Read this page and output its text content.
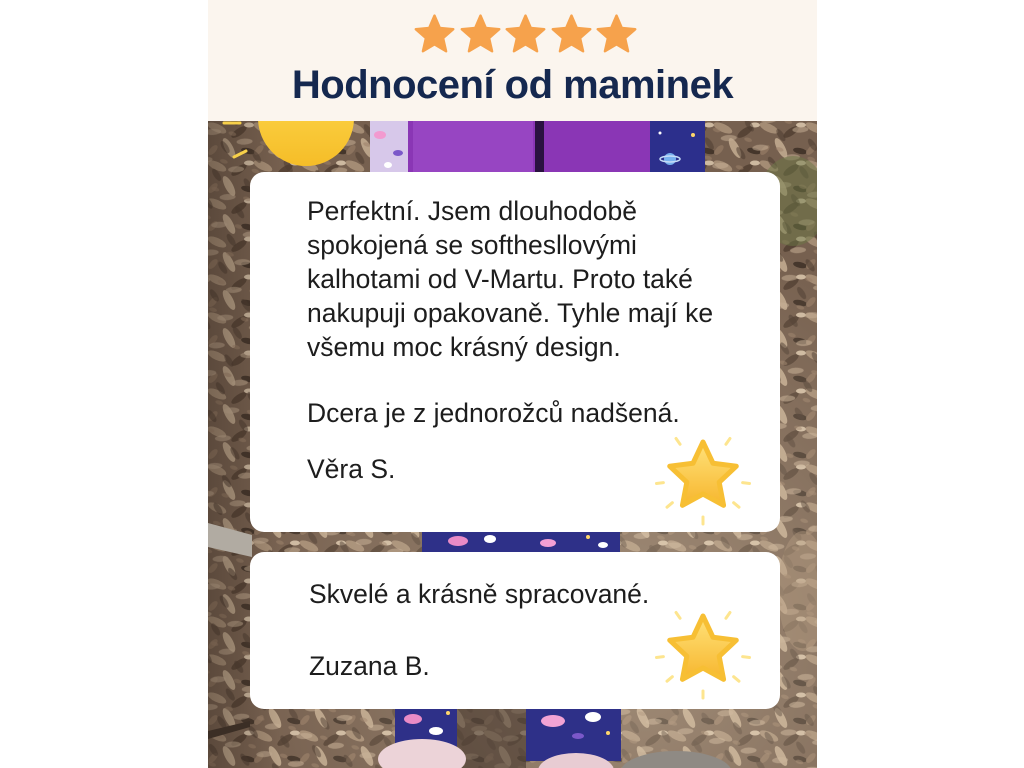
Hodnocení od maminek
Perfektní. Jsem dlouhodobě
spokojená se softhesllovými
kalhotami od V-Martu. Proto také
nakupuji opakovaně. Tyhle mají ke
všemu moc krásný design.
Dcera je z jednorožců nadšená.
Věra S.
Skvelé a krásně spracované.
Zuzana B.
